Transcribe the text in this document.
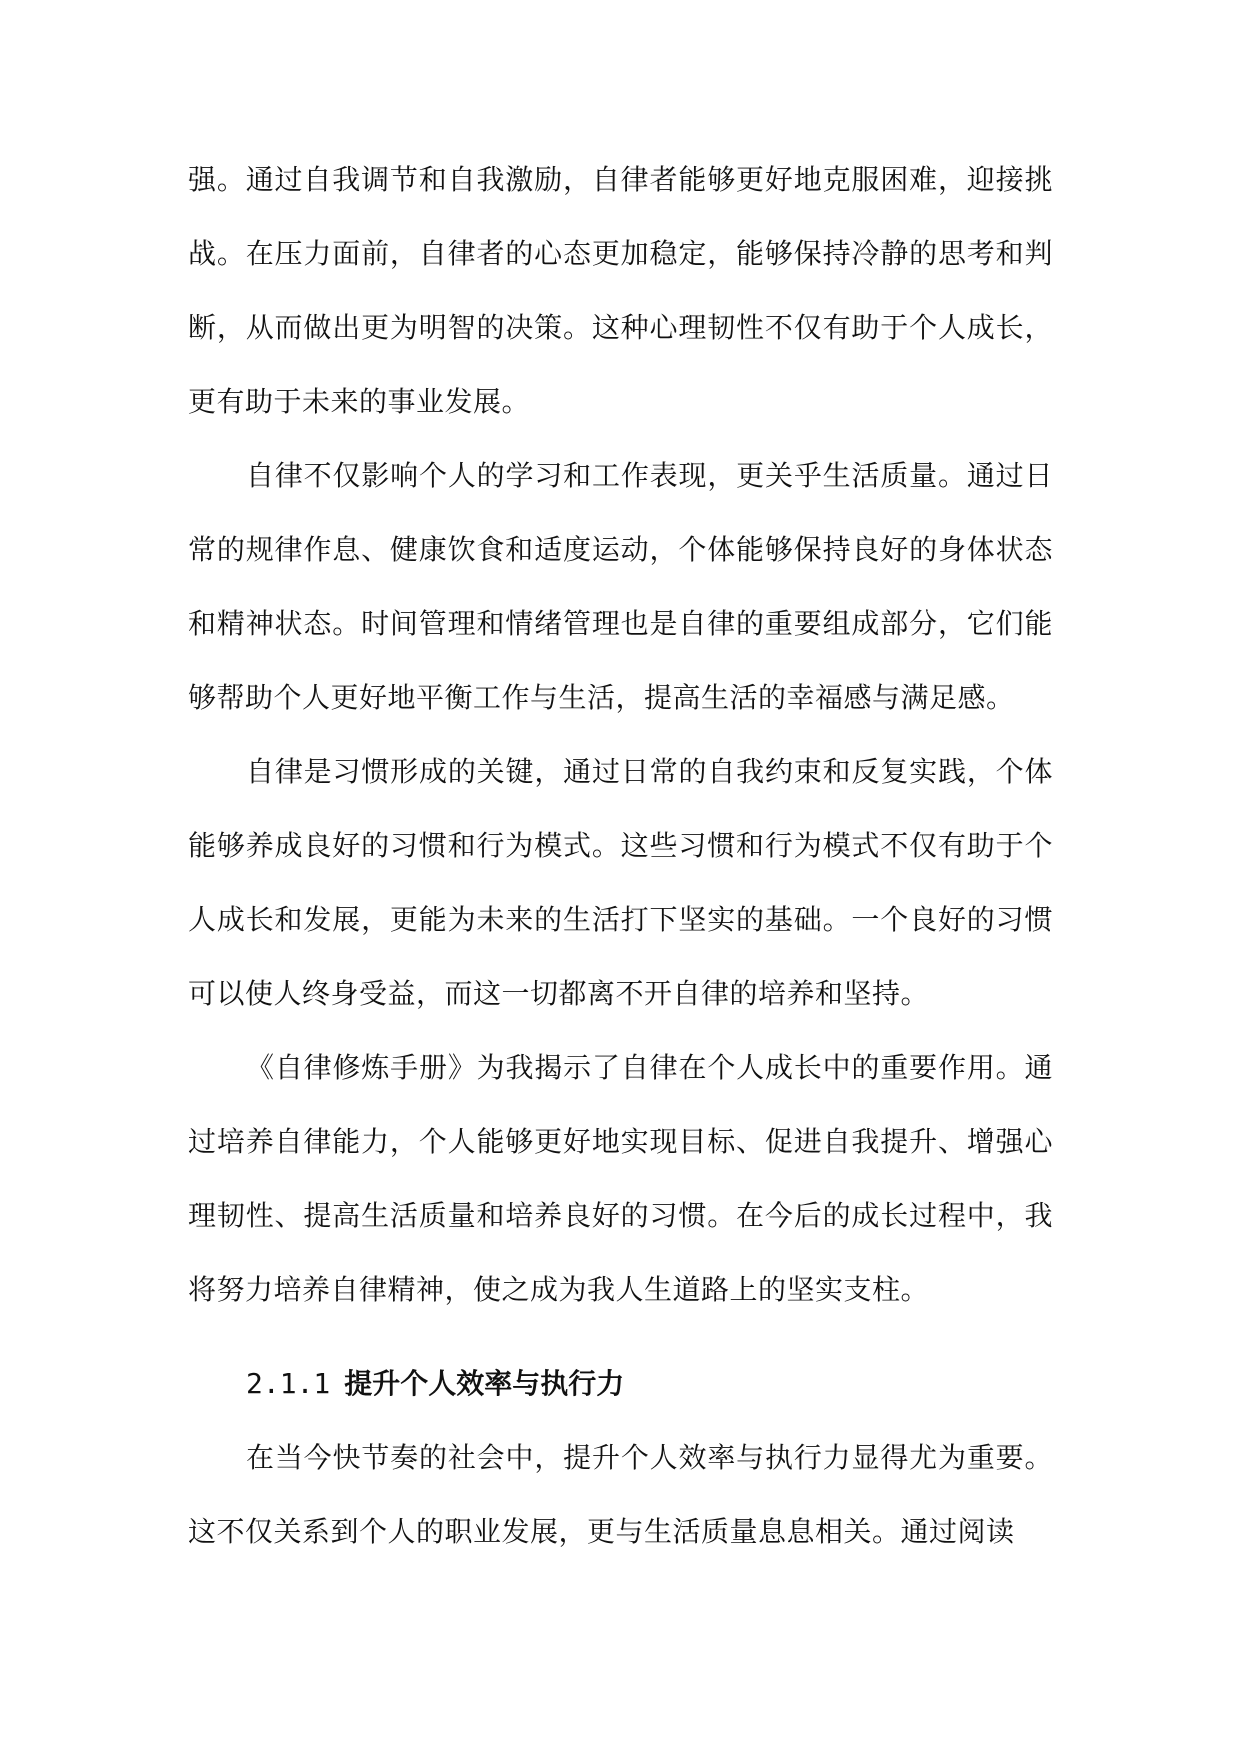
强。通过自我调节和自我激励，自律者能够更好地克服困难，迎接挑战。在压力面前，自律者的心态更加稳定，能够保持冷静的思考和判断，从而做出更为明智的决策。这种心理韧性不仅有助于个人成长，更有助于未来的事业发展。

自律不仅影响个人的学习和工作表现，更关乎生活质量。通过日常的规律作息、健康饮食和适度运动，个体能够保持良好的身体状态和精神状态。时间管理和情绪管理也是自律的重要组成部分，它们能够帮助个人更好地平衡工作与生活，提高生活的幸福感与满足感。

自律是习惯形成的关键，通过日常的自我约束和反复实践，个体能够养成良好的习惯和行为模式。这些习惯和行为模式不仅有助于个人成长和发展，更能为未来的生活打下坚实的基础。一个良好的习惯可以使人终身受益，而这一切都离不开自律的培养和坚持。

《自律修炼手册》为我揭示了自律在个人成长中的重要作用。通过培养自律能力，个人能够更好地实现目标、促进自我提升、增强心理韧性、提高生活质量和培养良好的习惯。在今后的成长过程中，我将努力培养自律精神，使之成为我人生道路上的坚实支柱。

2.1.1 提升个人效率与执行力

在当今快节奏的社会中，提升个人效率与执行力显得尤为重要。这不仅关系到个人的职业发展，更与生活质量息息相关。通过阅读
